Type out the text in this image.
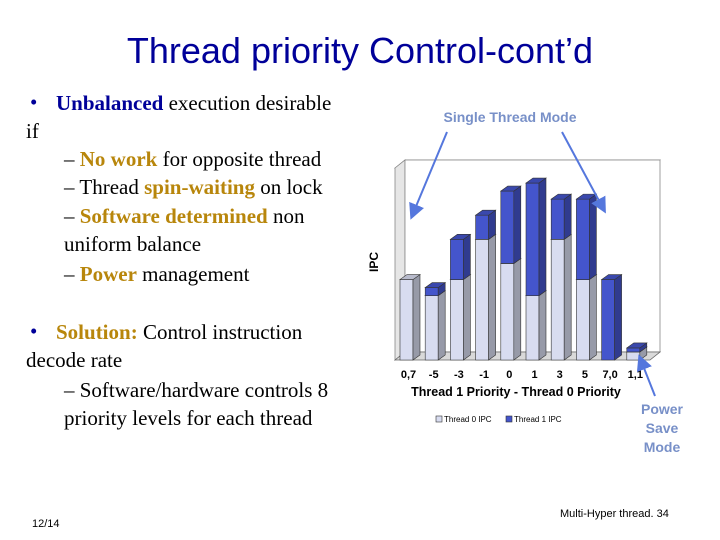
Thread priority Control-cont’d
• Unbalanced execution desirable
if
– No work for opposite thread
– Thread spin-waiting on lock
– Software determined non
uniform balance
– Power management
• Solution: Control instruction
decode rate
– Software/hardware controls 8
priority levels for each thread
12/14
Multi-Hyper thread. 34
0,7 -5 -3 -1 0 1 3 5 7,0 1,1
IPC
Thread 1 Priority - Thread 0 Priority
Thread 0 IPC	Thread 1 IPC
Single Thread Mode
Power
Save
Mode
